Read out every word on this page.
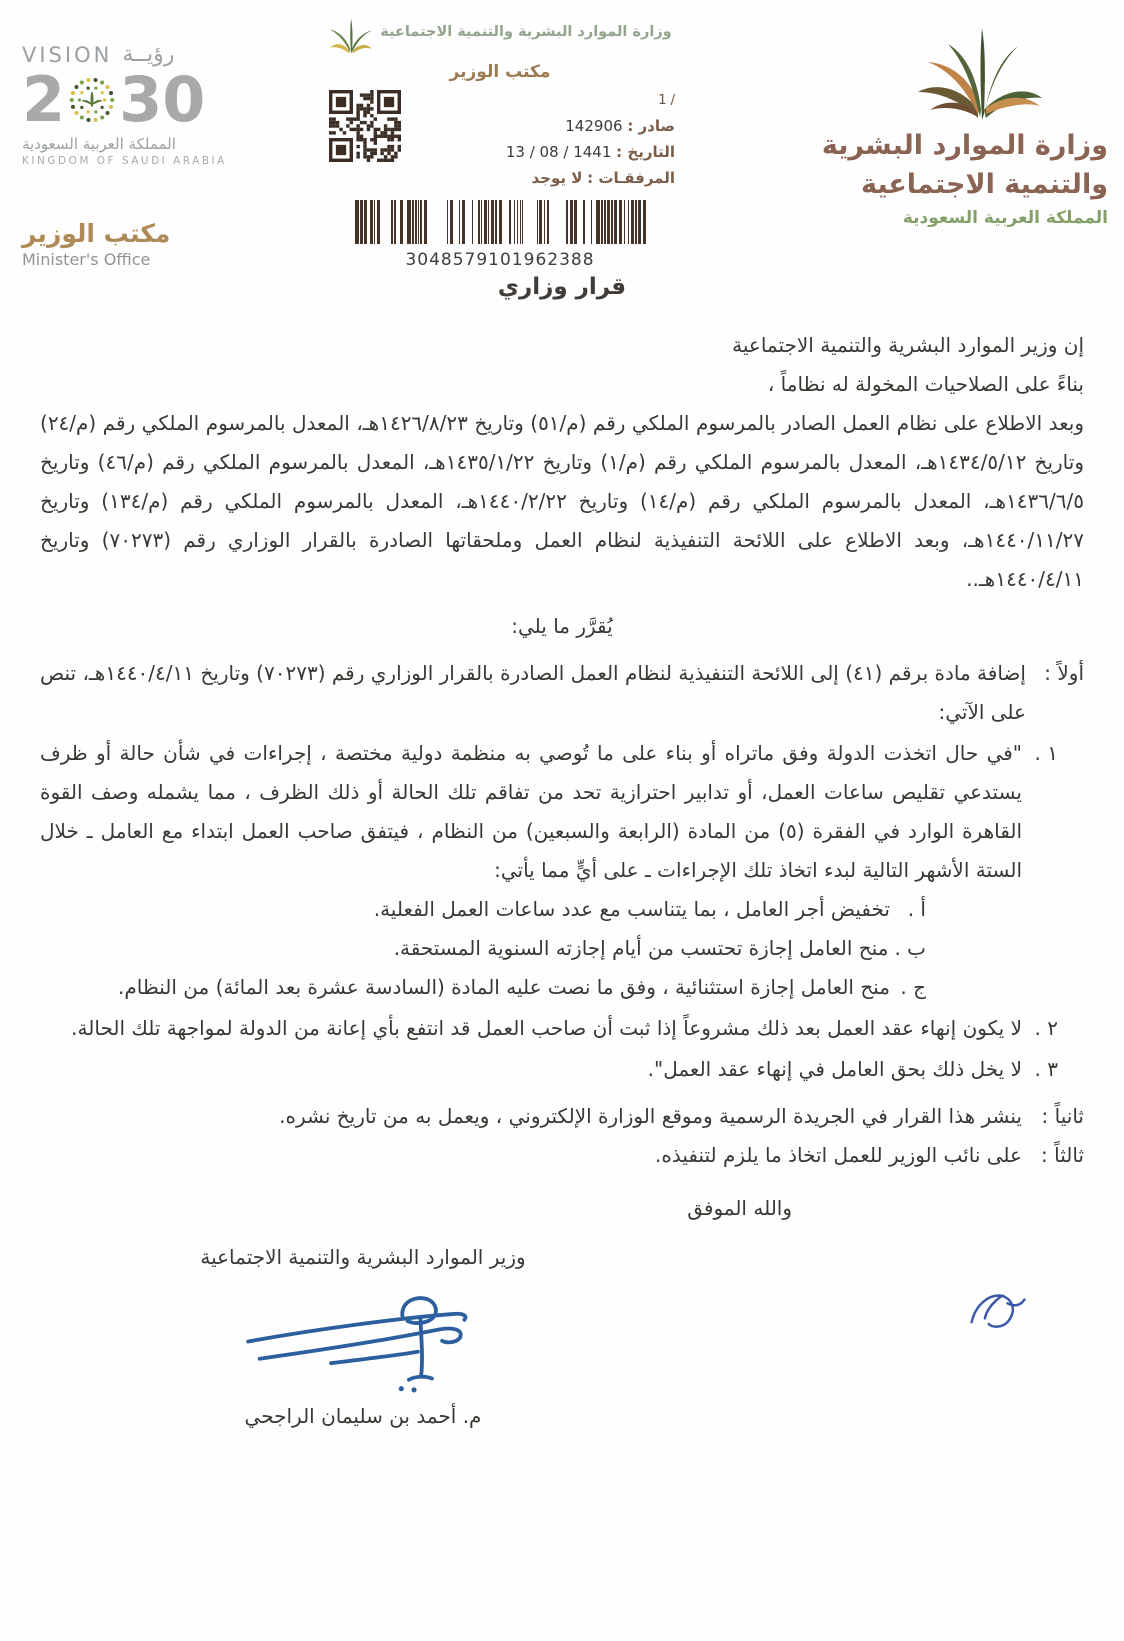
VISION رؤيــة
2 30
المملكة العربية السعودية
KINGDOM OF SAUDI ARABIA
مكتب الوزير
Minister's Office
وزارة الموارد البشرية والتنمية الاجتماعية
مكتب الوزير
/ 1
صادر : 142906
التاريخ : 13 / 08 / 1441
المرفقـات : لا يوجد
3048579101962388
وزارة الموارد البشرية
والتنمية الاجتماعية
المملكة العربية السعودية
قرار وزاري
إن وزير الموارد البشرية والتنمية الاجتماعية
بناءً على الصلاحيات المخولة له نظاماً ،
وبعد الاطلاع على نظام العمل الصادر بالمرسوم الملكي رقم (م/٥١) وتاريخ ١٤٢٦/٨/٢٣هـ، المعدل بالمرسوم الملكي رقم (م/٢٤) وتاريخ ١٤٣٤/٥/١٢هـ، المعدل بالمرسوم الملكي رقم (م/١) وتاريخ ١٤٣٥/١/٢٢هـ، المعدل بالمرسوم الملكي رقم (م/٤٦) وتاريخ ١٤٣٦/٦/٥هـ، المعدل بالمرسوم الملكي رقم (م/١٤) وتاريخ ١٤٤٠/٢/٢٢هـ، المعدل بالمرسوم الملكي رقم (م/١٣٤) وتاريخ ١٤٤٠/١١/٢٧هـ، وبعد الاطلاع على اللائحة التنفيذية لنظام العمل وملحقاتها الصادرة بالقرار الوزاري رقم (٧٠٢٧٣) وتاريخ ١٤٤٠/٤/١١هـ..
يُقرَّر ما يلي:
أولاً :
إضافة مادة برقم (٤١) إلى اللائحة التنفيذية لنظام العمل الصادرة بالقرار الوزاري رقم (٧٠٢٧٣) وتاريخ ١٤٤٠/٤/١١هـ، تنص على الآتي:
١ .
"في حال اتخذت الدولة وفق ماتراه أو بناء على ما تُوصي به منظمة دولية مختصة ، إجراءات في شأن حالة أو ظرف يستدعي تقليص ساعات العمل، أو تدابير احترازية تحد من تفاقم تلك الحالة أو ذلك الظرف ، مما يشمله وصف القوة القاهرة الوارد في الفقرة (٥) من المادة (الرابعة والسبعين) من النظام ، فيتفق صاحب العمل ابتداء مع العامل ـ خلال الستة الأشهر التالية لبدء اتخاذ تلك الإجراءات ـ على أيٍّ مما يأتي:
أ .
تخفيض أجر العامل ، بما يتناسب مع عدد ساعات العمل الفعلية.
ب .
منح العامل إجازة تحتسب من أيام إجازته السنوية المستحقة.
ج .
منح العامل إجازة استثنائية ، وفق ما نصت عليه المادة (السادسة عشرة بعد المائة) من النظام.
٢ .
لا يكون إنهاء عقد العمل بعد ذلك مشروعاً إذا ثبت أن صاحب العمل قد انتفع بأي إعانة من الدولة لمواجهة تلك الحالة.
٣ .
لا يخل ذلك بحق العامل في إنهاء عقد العمل".
ثانياً :
ينشر هذا القرار في الجريدة الرسمية وموقع الوزارة الإلكتروني ، ويعمل به من تاريخ نشره.
ثالثاً :
على نائب الوزير للعمل اتخاذ ما يلزم لتنفيذه.
والله الموفق
وزير الموارد البشرية والتنمية الاجتماعية
م. أحمد بن سليمان الراجحي
